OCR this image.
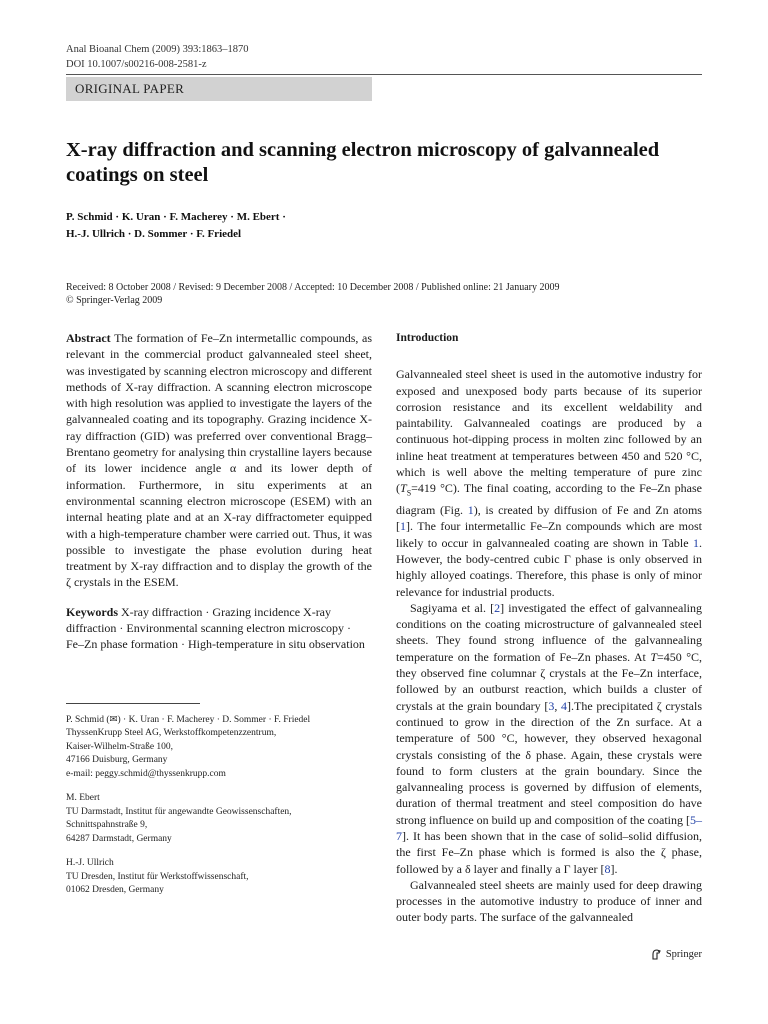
Anal Bioanal Chem (2009) 393:1863–1870
DOI 10.1007/s00216-008-2581-z
ORIGINAL PAPER
X-ray diffraction and scanning electron microscopy of galvannealed coatings on steel
P. Schmid · K. Uran · F. Macherey · M. Ebert ·
H.-J. Ullrich · D. Sommer · F. Friedel
Received: 8 October 2008 / Revised: 9 December 2008 / Accepted: 10 December 2008 / Published online: 21 January 2009
© Springer-Verlag 2009

Abstract The formation of Fe–Zn intermetallic compounds, as relevant in the commercial product galvannealed steel sheet, was investigated by scanning electron microscopy and different methods of X-ray diffraction. A scanning electron microscope with high resolution was applied to investigate the layers of the galvannealed coating and its topography. Grazing incidence X-ray diffraction (GID) was preferred over conventional Bragg–Brentano geometry for analysing thin crystalline layers because of its lower incidence angle α and its lower depth of information. Furthermore, in situ experiments at an environmental scanning electron microscope (ESEM) with an internal heating plate and at an X-ray diffractometer equipped with a high-temperature chamber were carried out. Thus, it was possible to investigate the phase evolution during heat treatment by X-ray diffraction and to display the growth of the ζ crystals in the ESEM.

Keywords X-ray diffraction · Grazing incidence X-ray diffraction · Environmental scanning electron microscopy · Fe–Zn phase formation · High-temperature in situ observation

P. Schmid (✉) · K. Uran · F. Macherey · D. Sommer · F. Friedel
ThyssenKrupp Steel AG, Werkstoffkompetenzzentrum,
Kaiser-Wilhelm-Straße 100,
47166 Duisburg, Germany
e-mail: peggy.schmid@thyssenkrupp.com

M. Ebert
TU Darmstadt, Institut für angewandte Geowissenschaften,
Schnittspahnstraße 9,
64287 Darmstadt, Germany

H.-J. Ullrich
TU Dresden, Institut für Werkstoffwissenschaft,
01062 Dresden, Germany

Introduction

Galvannealed steel sheet is used in the automotive industry for exposed and unexposed body parts because of its superior corrosion resistance and its excellent weldability and paintability. Galvannealed coatings are produced by a continuous hot-dipping process in molten zinc followed by an inline heat treatment at temperatures between 450 and 520 °C, which is well above the melting temperature of pure zinc ($T_S=419$ °C). The final coating, according to the Fe–Zn phase diagram (Fig. 1), is created by diffusion of Fe and Zn atoms [1]. The four intermetallic Fe–Zn compounds which are most likely to occur in galvannealed coating are shown in Table 1. However, the body-centred cubic Γ phase is only observed in highly alloyed coatings. Therefore, this phase is only of minor relevance for industrial products.

Sagiyama et al. [2] investigated the effect of galvannealing conditions on the coating microstructure of galvannealed steel sheets. They found strong influence of the galvannealing temperature on the formation of Fe–Zn phases. At T=450 °C, they observed fine columnar ζ crystals at the Fe–Zn interface, followed by an outburst reaction, which builds a cluster of crystals at the grain boundary [3, 4].The precipitated ζ crystals continued to grow in the direction of the Zn surface. At a temperature of 500 °C, however, they observed hexagonal crystals consisting of the δ phase. Again, these crystals were found to form clusters at the grain boundary. Since the galvannealing process is governed by diffusion of elements, duration of thermal treatment and steel composition do have strong influence on build up and composition of the coating [5–7]. It has been shown that in the case of solid–solid diffusion, the first Fe–Zn phase which is formed is also the ζ phase, followed by a δ layer and finally a Γ layer [8].

Galvannealed steel sheets are mainly used for deep drawing processes in the automotive industry to produce of inner and outer body parts. The surface of the galvannealed

Springer
